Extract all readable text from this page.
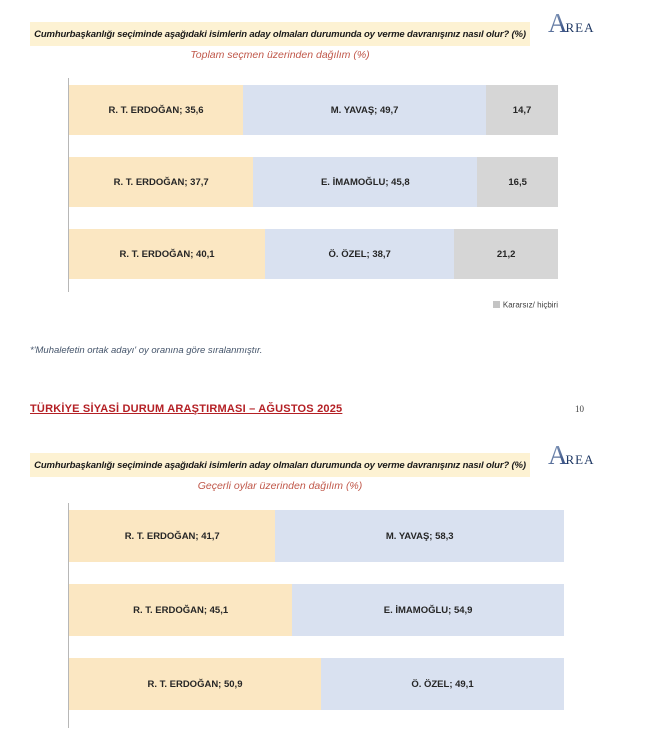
A
REA
Cumhurbaşkanlığı seçiminde aşağıdaki isimlerin aday olmaları durumunda oy verme davranışınız nasıl olur? (%)
Toplam seçmen üzerinden dağılım (%)
R. T. ERDOĞAN; 35,6	M. YAVAŞ; 49,7	14,7
R. T. ERDOĞAN; 37,7	E. İMAMOĞLU; 45,8	16,5
R. T. ERDOĞAN; 40,1	Ö. ÖZEL; 38,7	21,2
Kararsız/ hiçbiri
*'Muhalefetin ortak adayı' oy oranına göre sıralanmıştır.
TÜRKİYE SİYASİ DURUM ARAŞTIRMASI – AĞUSTOS 2025	10
A
REA
Cumhurbaşkanlığı seçiminde aşağıdaki isimlerin aday olmaları durumunda oy verme davranışınız nasıl olur? (%)
Geçerli oylar üzerinden dağılım (%)
R. T. ERDOĞAN; 41,7	M. YAVAŞ; 58,3
R. T. ERDOĞAN; 45,1	E. İMAMOĞLU; 54,9
R. T. ERDOĞAN; 50,9	Ö. ÖZEL; 49,1
